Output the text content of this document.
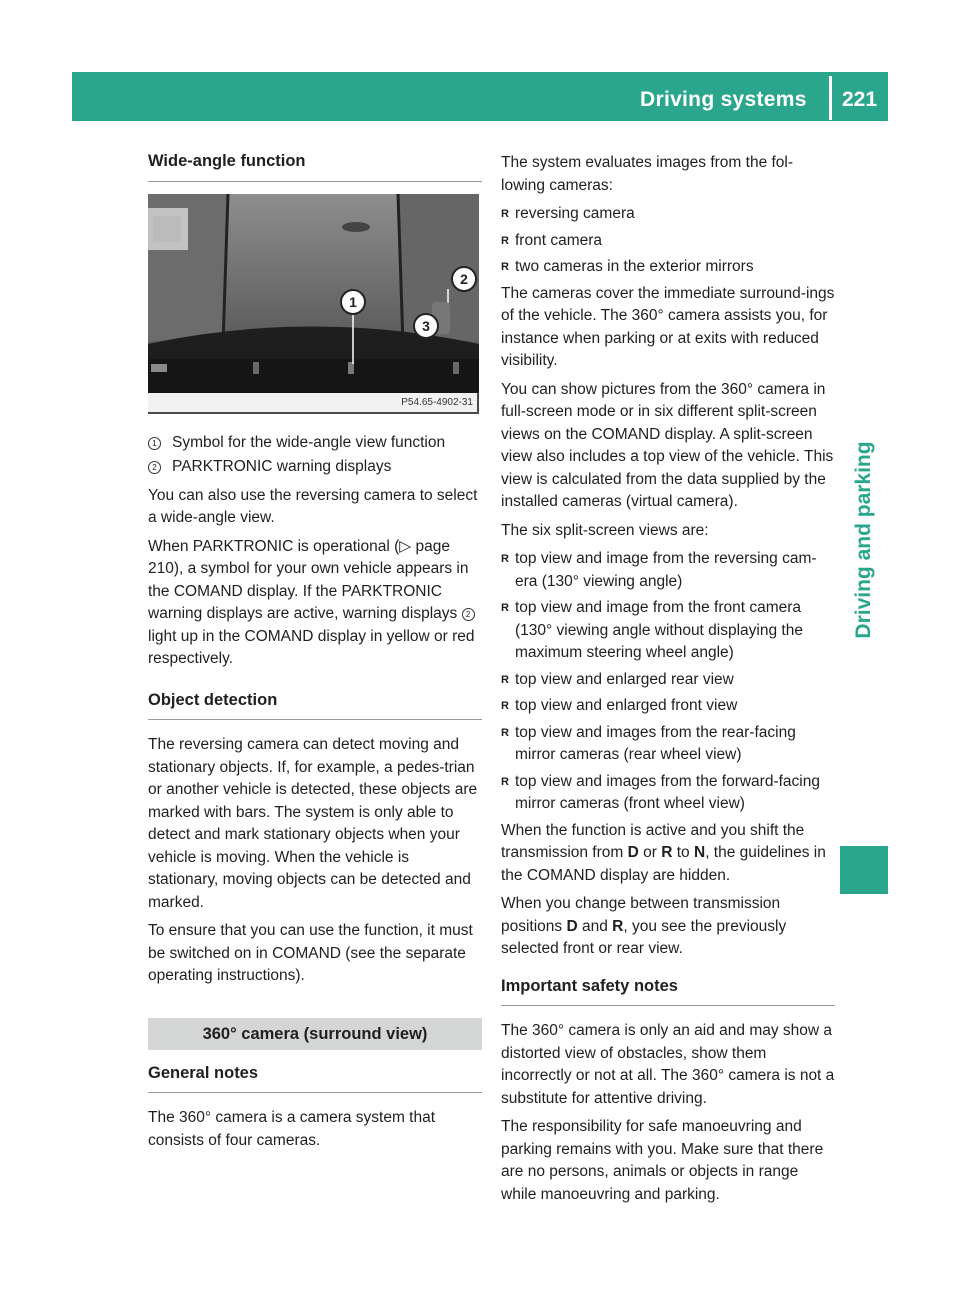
Driving systems 221
Driving and parking
Wide-angle function
1
2
3
P54.65-4902-31
1 Symbol for the wide-angle view function
2 PARKTRONIC warning displays

You can also use the reversing camera to select a wide-angle view.

When PARKTRONIC is operational (▷ page 210), a symbol for your own vehicle appears in the COMAND display. If the PARKTRONIC warning displays are active, warning displays 2 light up in the COMAND display in yellow or red respectively.

Object detection

The reversing camera can detect moving and stationary objects. If, for example, a pedes-trian or another vehicle is detected, these objects are marked with bars. The system is only able to detect and mark stationary objects when your vehicle is moving. When the vehicle is stationary, moving objects can be detected and marked.

To ensure that you can use the function, it must be switched on in COMAND (see the separate operating instructions).

360° camera (surround view)
General notes

The 360° camera is a camera system that consists of four cameras.

The system evaluates images from the fol-lowing cameras:

R reversing camera
R front camera
R two cameras in the exterior mirrors

The cameras cover the immediate surround-ings of the vehicle. The 360° camera assists you, for instance when parking or at exits with reduced visibility.

You can show pictures from the 360° camera in full-screen mode or in six different split-screen views on the COMAND display. A split-screen view also includes a top view of the vehicle. This view is calculated from the data supplied by the installed cameras (virtual camera).

The six split-screen views are:

R top view and image from the reversing cam-era (130° viewing angle)
R top view and image from the front camera (130° viewing angle without displaying the maximum steering wheel angle)
R top view and enlarged rear view
R top view and enlarged front view
R top view and images from the rear-facing mirror cameras (rear wheel view)
R top view and images from the forward-facing mirror cameras (front wheel view)

When the function is active and you shift the transmission from D or R to N, the guidelines in the COMAND display are hidden.

When you change between transmission positions D and R, you see the previously selected front or rear view.

Important safety notes

The 360° camera is only an aid and may show a distorted view of obstacles, show them incorrectly or not at all. The 360° camera is not a substitute for attentive driving.

The responsibility for safe manoeuvring and parking remains with you. Make sure that there are no persons, animals or objects in range while manoeuvring and parking.
